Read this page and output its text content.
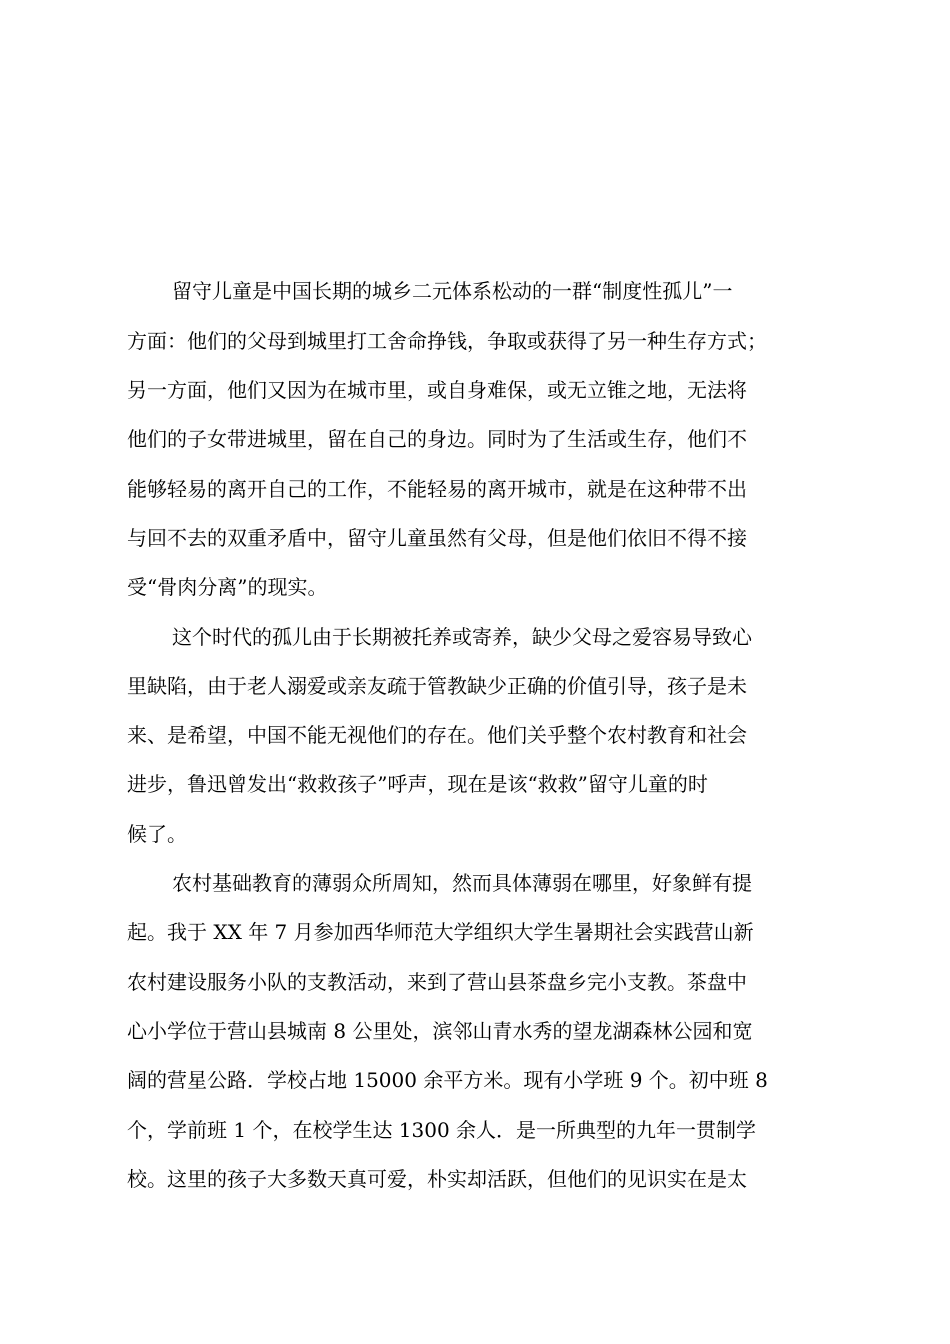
留守儿童是中国长期的城乡二元体系松动的一群“制度性孤儿”一
方面：他们的父母到城里打工舍命挣钱，争取或获得了另一种生存方式；
另一方面，他们又因为在城市里，或自身难保，或无立锥之地，无法将
他们的子女带进城里，留在自己的身边。同时为了生活或生存，他们不
能够轻易的离开自己的工作，不能轻易的离开城市，就是在这种带不出
与回不去的双重矛盾中，留守儿童虽然有父母，但是他们依旧不得不接
受“骨肉分离”的现实。
这个时代的孤儿由于长期被托养或寄养，缺少父母之爱容易导致心
里缺陷，由于老人溺爱或亲友疏于管教缺少正确的价值引导，孩子是未
来、是希望，中国不能无视他们的存在。他们关乎整个农村教育和社会
进步，鲁迅曾发出“救救孩子”呼声，现在是该“救救”留守儿童的时
候了。
农村基础教育的薄弱众所周知，然而具体薄弱在哪里，好象鲜有提
起。我于 XX 年 7 月参加西华师范大学组织大学生暑期社会实践营山新
农村建设服务小队的支教活动，来到了营山县茶盘乡完小支教。茶盘中
心小学位于营山县城南 8 公里处，滨邻山青水秀的望龙湖森林公园和宽
阔的营星公路．学校占地 15000 余平方米。现有小学班 9 个。初中班 8
个，学前班 1 个，在校学生达 1300 余人．是一所典型的九年一贯制学
校。这里的孩子大多数天真可爱，朴实却活跃，但他们的见识实在是太
